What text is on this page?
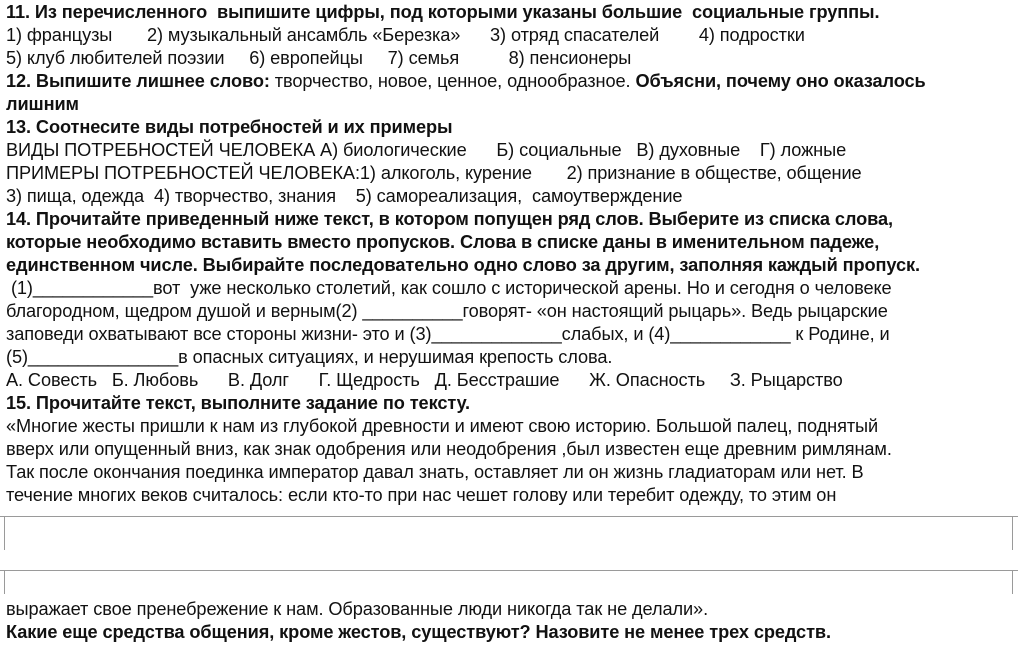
11. Из перечисленного  выпишите цифры, под которыми указаны большие  социальные группы.
1) французы       2) музыкальный ансамбль «Березка»      3) отряд спасателей        4) подростки
5) клуб любителей поэзии     6) европейцы     7) семья          8) пенсионеры
12. Выпишите лишнее слово: творчество, новое, ценное, однообразное. Объясни, почему оно оказалось
лишним
13. Соотнесите виды потребностей и их примеры
ВИДЫ ПОТРЕБНОСТЕЙ ЧЕЛОВЕКА А) биологические      Б) социальные   В) духовные    Г) ложные
ПРИМЕРЫ ПОТРЕБНОСТЕЙ ЧЕЛОВЕКА:1) алкоголь, курение       2) признание в обществе, общение
3) пища, одежда  4) творчество, знания    5) самореализация,  самоутверждение
14. Прочитайте приведенный ниже текст, в котором попущен ряд слов. Выберите из списка слова,
которые необходимо вставить вместо пропусков. Слова в списке даны в именительном падеже,
единственном числе. Выбирайте последовательно одно слово за другим, заполняя каждый пропуск.
(1)____________вот  уже несколько столетий, как сошло с исторической арены. Но и сегодня о человеке
благородном, щедром душой и верным(2) __________говорят- «он настоящий рыцарь». Ведь рыцарские
заповеди охватывают все стороны жизни- это и (3)_____________слабых, и (4)____________ к Родине, и
(5)_______________в опасных ситуациях, и нерушимая крепость слова.
А. Совесть   Б. Любовь      В. Долг      Г. Щедрость   Д. Бесстрашие      Ж. Опасность     З. Рыцарство
15. Прочитайте текст, выполните задание по тексту.
«Многие жесты пришли к нам из глубокой древности и имеют свою историю. Большой палец, поднятый
вверх или опущенный вниз, как знак одобрения или неодобрения ,был известен еще древним римлянам.
Так после окончания поединка император давал знать, оставляет ли он жизнь гладиаторам или нет. В
течение многих веков считалось: если кто-то при нас чешет голову или теребит одежду, то этим он
выражает свое пренебрежение к нам. Образованные люди никогда так не делали».
Какие еще средства общения, кроме жестов, существуют? Назовите не менее трех средств.
